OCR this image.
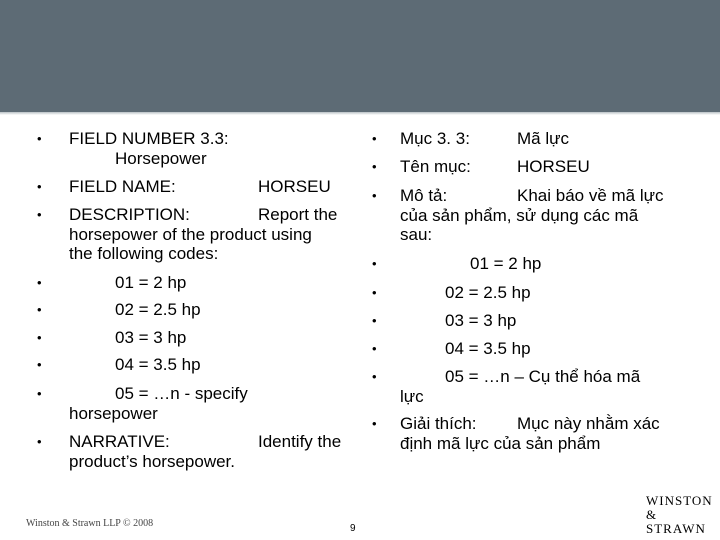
• FIELD NUMBER 3.3:
Horsepower
• FIELD NAME:	HORSEU
• DESCRIPTION:	Report the
horsepower of the product using
the following codes:
•	01 = 2 hp
•	02 = 2.5 hp
•	03 = 3 hp
•	04 = 3.5 hp
•	05 = …n - specify
horsepower
• NARRATIVE:	Identify the
product’s horsepower.
• Mục 3. 3:	Mã lực
• Tên mục:	HORSEU
• Mô tả:	Khai báo về mã lực
của sản phẩm, sử dụng các mã
sau:
•	01 = 2 hp
•	02 = 2.5 hp
•	03 = 3 hp
•	04 = 3.5 hp
•	05 = …n – Cụ thể hóa mã
lực
• Giải thích: Mục này nhằm xác
định mã lực của sản phẩm
Winston & Strawn LLP © 2008	9
WINSTON
& STRAWN
